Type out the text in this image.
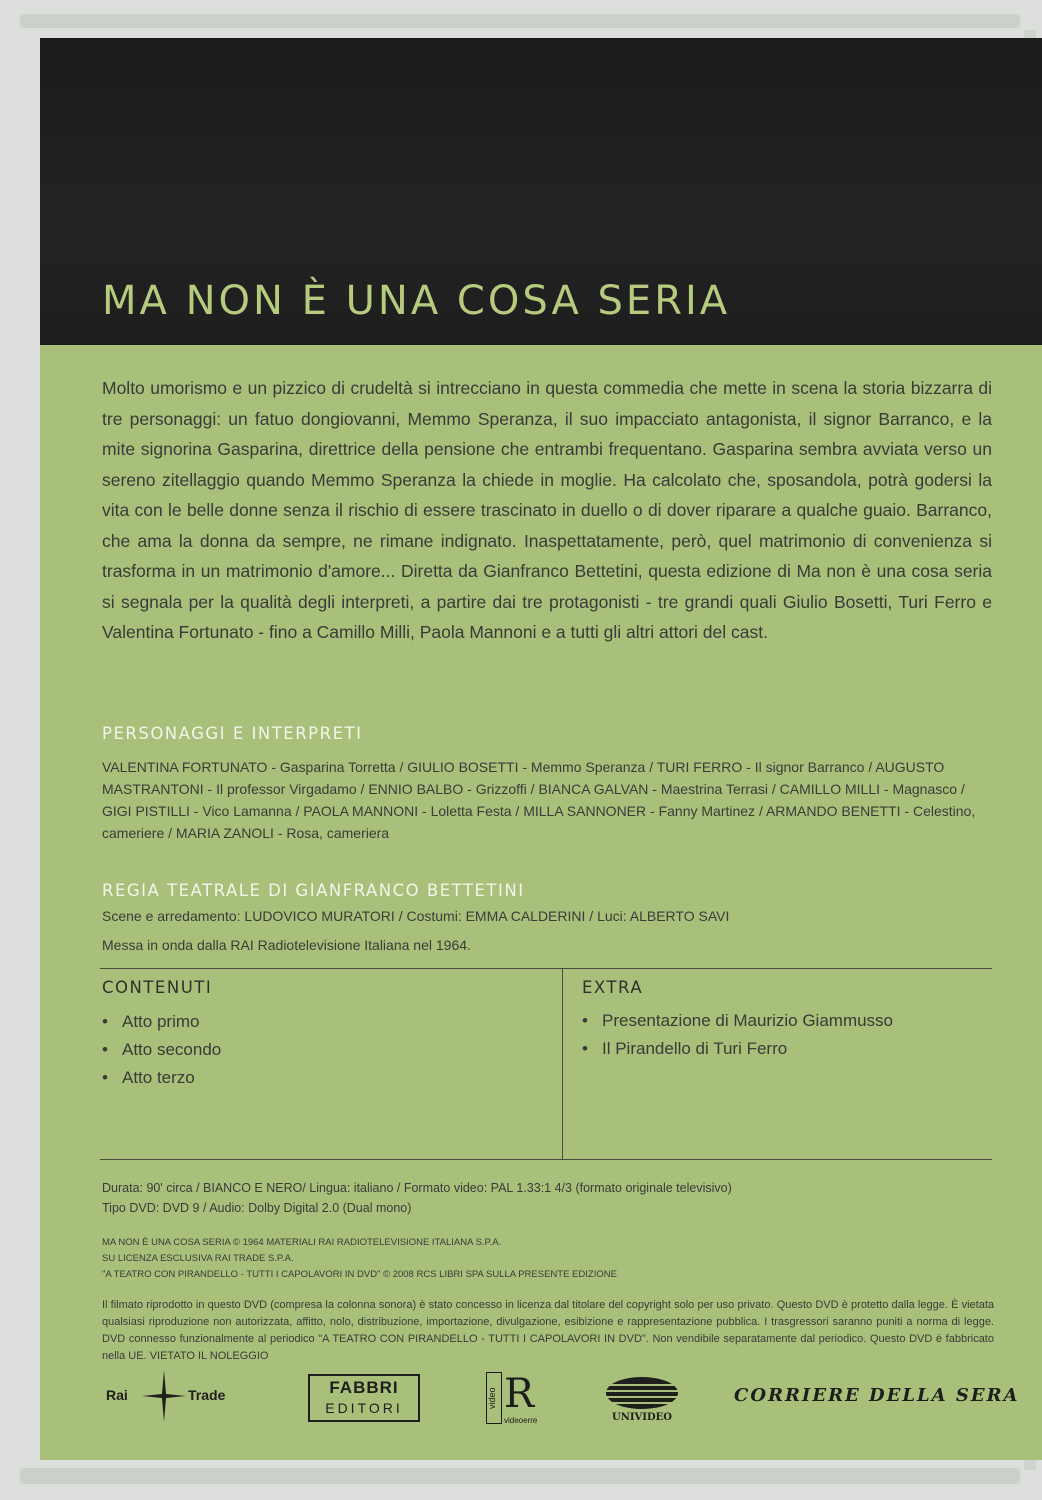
MA NON È UNA COSA SERIA

Molto umorismo e un pizzico di crudeltà si intrecciano in questa commedia che mette in scena la storia bizzarra di tre personaggi: un fatuo dongiovanni, Memmo Speranza, il suo impacciato antagonista, il signor Barranco, e la mite signorina Gasparina, direttrice della pensione che entrambi frequentano. Gasparina sembra avviata verso un sereno zitellaggio quando Memmo Speranza la chiede in moglie. Ha calcolato che, sposandola, potrà godersi la vita con le belle donne senza il rischio di essere trascinato in duello o di dover riparare a qualche guaio. Barranco, che ama la donna da sempre, ne rimane indignato. Inaspettatamente, però, quel matrimonio di convenienza si trasforma in un matrimonio d'amore... Diretta da Gianfranco Bettetini, questa edizione di Ma non è una cosa seria si segnala per la qualità degli interpreti, a partire dai tre protagonisti - tre grandi quali Giulio Bosetti, Turi Ferro e Valentina Fortunato - fino a Camillo Milli, Paola Mannoni e a tutti gli altri attori del cast.

PERSONAGGI E INTERPRETI

VALENTINA FORTUNATO - Gasparina Torretta / GIULIO BOSETTI - Memmo Speranza / TURI FERRO - Il signor Barranco / AUGUSTO MASTRANTONI - Il professor Virgadamo / ENNIO BALBO - Grizzoffi / BIANCA GALVAN - Maestrina Terrasi / CAMILLO MILLI - Magnasco / GIGI PISTILLI - Vico Lamanna / PAOLA MANNONI - Loletta Festa / MILLA SANNONER - Fanny Martinez / ARMANDO BENETTI - Celestino, cameriere / MARIA ZANOLI - Rosa, cameriera

REGIA TEATRALE DI GIANFRANCO BETTETINI
Scene e arredamento: LUDOVICO MURATORI / Costumi: EMMA CALDERINI / Luci: ALBERTO SAVI
Messa in onda dalla RAI Radiotelevisione Italiana nel 1964.
CONTENUTI
• Atto primo
• Atto secondo
• Atto terzo
EXTRA
• Presentazione di Maurizio Giammusso
• Il Pirandello di Turi Ferro
Durata: 90' circa / BIANCO E NERO/ Lingua: italiano / Formato video: PAL 1.33:1 4/3 (formato originale televisivo)
Tipo DVD: DVD 9 / Audio: Dolby Digital 2.0 (Dual mono)
MA NON È UNA COSA SERIA © 1964 MATERIALI RAI RADIOTELEVISIONE ITALIANA S.P.A.
SU LICENZA ESCLUSIVA RAI TRADE S.P.A.
"A TEATRO CON PIRANDELLO - TUTTI I CAPOLAVORI IN DVD" © 2008 RCS LIBRI SPA SULLA PRESENTE EDIZIONE

Il filmato riprodotto in questo DVD (compresa la colonna sonora) è stato concesso in licenza dal titolare del copyright solo per uso privato. Questo DVD è protetto dalla legge. È vietata qualsiasi riproduzione non autorizzata, affitto, nolo, distribuzione, importazione, divulgazione, esibizione e rappresentazione pubblica. I trasgressori saranno puniti a norma di legge. DVD connesso funzionalmente al periodico "A TEATRO CON PIRANDELLO - TUTTI I CAPOLAVORI IN DVD". Non vendibile separatamente dal periodico. Questo DVD è fabbricato nella UE. VIETATO IL NOLEGGIO

Rai	Trade	FABBRI
EDITORI	video R
videoerre	UNIVIDEO
CORRIERE DELLA SERA
